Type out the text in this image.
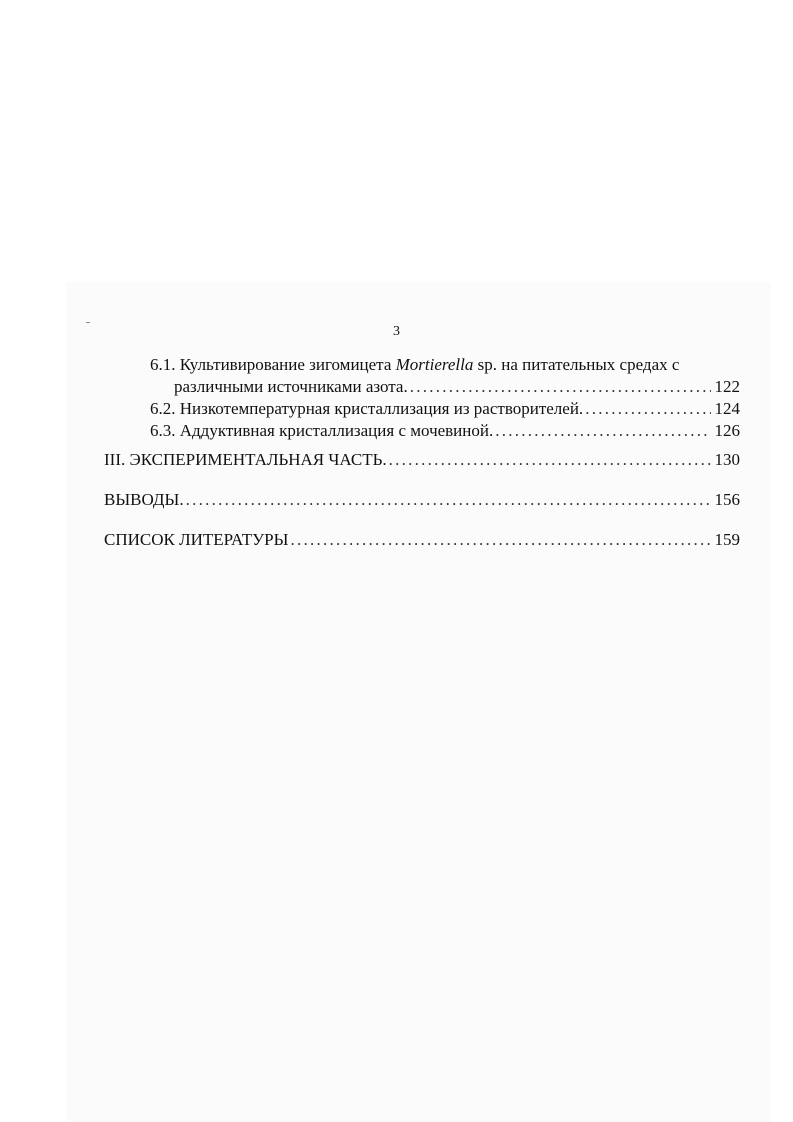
3
6.1. Культивирование зигомицета Mortierella sp. на питательных средах с
различными источниками азота. . . .	122
6.2.
Низкотемпературная кристаллизация из растворителей. . . .	124
6.3.
Аддуктивная кристаллизация с мочевиной. . . .	126
III. ЭКСПЕРИМЕНТАЛЬНАЯ ЧАСТЬ. . . .	130
ВЫВОДЫ. . . .	156
СПИСОК ЛИТЕРАТУРЫ . . .	159
